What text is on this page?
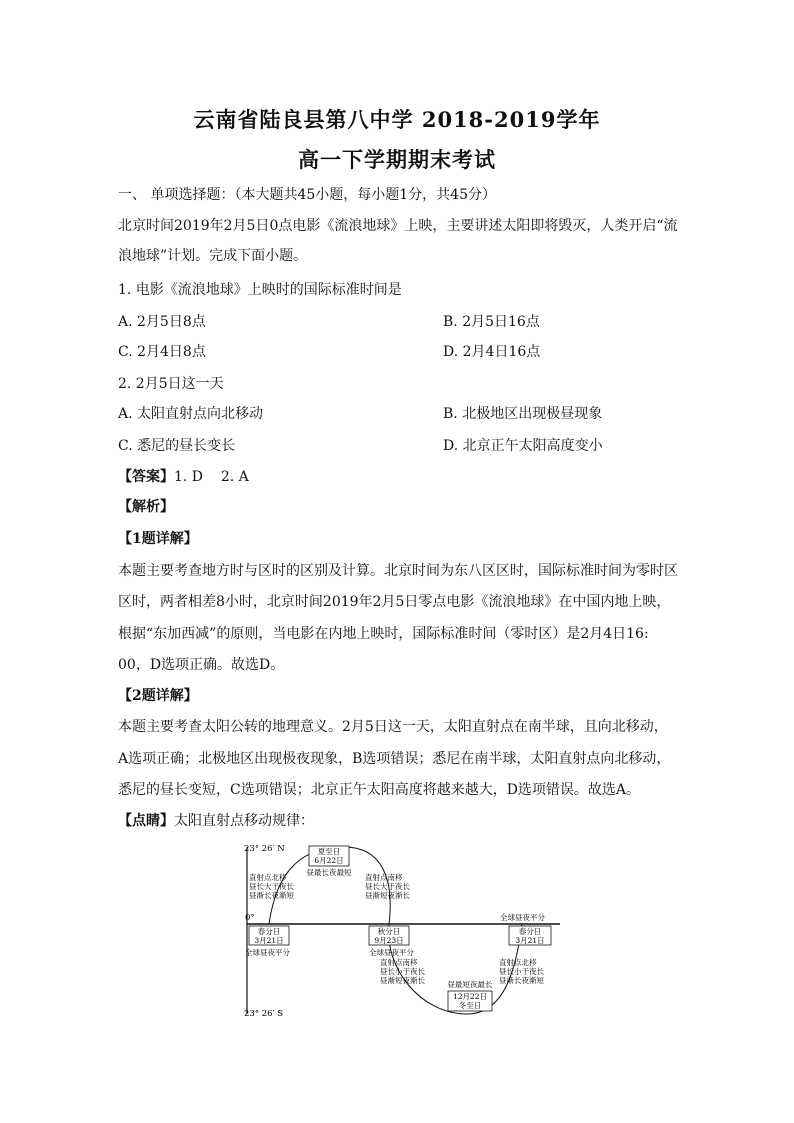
云南省陆良县第八中学 2018-2019学年
高一下学期期末考试
一、 单项选择题：（本大题共45小题，每小题1分，共45分）
北京时间2019年2月5日0点电影《流浪地球》上映，主要讲述太阳即将毁灭，人类开启“流
浪地球”计划。完成下面小题。
1. 电影《流浪地球》上映时的国际标准时间是
A. 2月5日8点	B. 2月5日16点
C. 2月4日8点	D. 2月4日16点
2. 2月5日这一天
A. 太阳直射点向北移动	B. 北极地区出现极昼现象
C. 悉尼的昼长变长	D. 北京正午太阳高度变小
【答案】1. D    2. A
【解析】
【1题详解】
本题主要考查地方时与区时的区别及计算。北京时间为东八区区时，国际标准时间为零时区
区时，两者相差8小时，北京时间2019年2月5日零点电影《流浪地球》在中国内地上映，
根据“东加西减”的原则，当电影在内地上映时，国际标准时间（零时区）是2月4日16:
00，D选项正确。故选D。
【2题详解】
本题主要考查太阳公转的地理意义。2月5日这一天，太阳直射点在南半球，且向北移动，
A选项正确；北极地区出现极夜现象，B选项错误；悉尼在南半球，太阳直射点向北移动，
悉尼的昼长变短，C选项错误；北京正午太阳高度将越来越大，D选项错误。故选A。
【点睛】太阳直射点移动规律：
23° 26′ N
0°
23° 26′ S
夏至日
6月22日
昼最长夜最短
直射点北移
昼长大于夜长
昼渐长夜渐短
直射点南移
昼长大于夜长
昼渐短夜渐长
全球昼夜平分
春分日
3月21日
全球昼夜平分
秋分日
9月23日
全球昼夜平分
春分日
3月21日
直射点南移
昼长小于夜长
昼渐短夜渐长
直射点北移
昼长小于夜长
昼渐长夜渐短
昼最短夜最长
12月22日
冬至日
